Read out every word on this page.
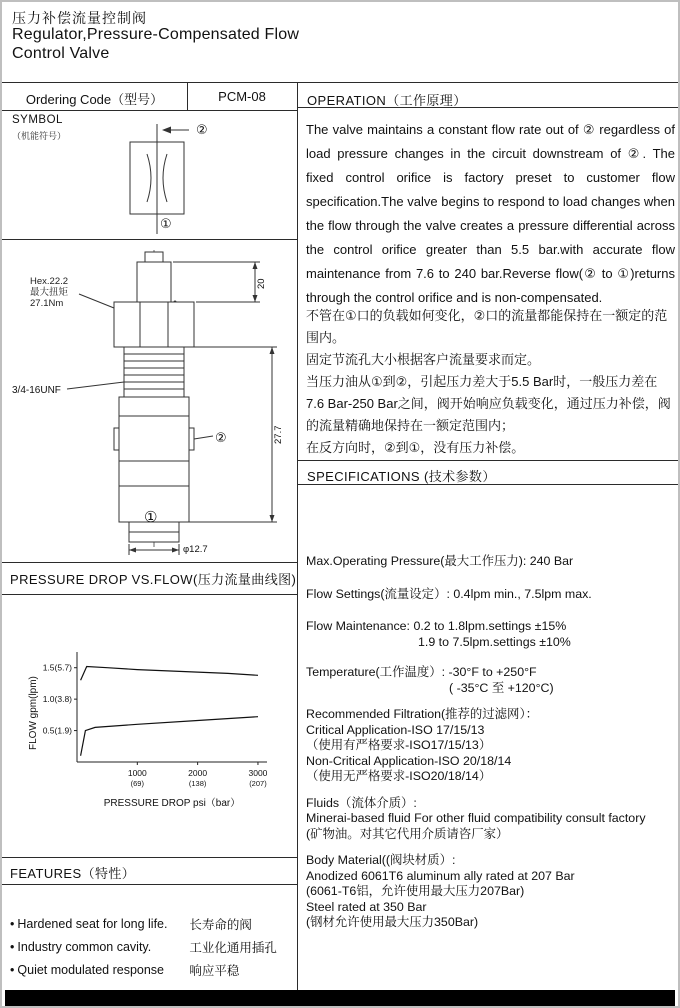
压力补偿流量控制阀
Regulator,Pressure-Compensated Flow
Control Valve
Ordering Code（型号）	PCM-08
SYMBOL
（机能符号）	②
①
Hex.22.2
最大扭矩
27.1Nm
3/4-16UNF
20
27.7
φ12.7
②
①
PRESSURE DROP VS.FLOW(压力流量曲线图)
FLOW gpm(lpm)
1.5(5.7)
1.0(3.8)
0.5(1.9)
1000
(69)
2000
(138)
3000
(207)
PRESSURE DROP psi（bar）
FEATURES（特性）
• Hardened seat for long life.	长寿命的阀
• Industry common cavity.	工业化通用插孔
• Quiet modulated response	响应平稳
OPERATION（工作原理）
The valve maintains a constant flow rate out of ② regardless of load pressure changes in the circuit downstream of ②. The fixed control orifice is factory preset to customer flow specification.The valve begins to respond to load changes when the flow through the valve creates a pressure differential across the control orifice greater than 5.5 bar.with accurate flow maintenance from 7.6 to 240 bar.Reverse flow(② to ①)returns through the control orifice and is non-compensated.
不管在①口的负载如何变化，②口的流量都能保持在一额定的范围内。
固定节流孔大小根据客户流量要求而定。
当压力油从①到②，引起压力差大于5.5 Bar时，一般压力差在7.6 Bar-250 Bar之间，阀开始响应负载变化，通过压力补偿，阀的流量精确地保持在一额定范围内；
在反方向时，②到①，没有压力补偿。
SPECIFICATIONS (技术参数）
Max.Operating Pressure(最大工作压力): 240 Bar
Flow Settings(流量设定）: 0.4lpm min., 7.5lpm max.
Flow Maintenance: 0.2 to 1.8lpm.settings ±15%
1.9 to 7.5lpm.settings ±10%
Temperature(工作温度）: -30°F to +250°F
( -35°C 至 +120°C)
Recommended Filtration(推荐的过滤网）：
Critical Application-ISO 17/15/13
（使用有严格要求-ISO17/15/13）
Non-Critical Application-ISO 20/18/14
（使用无严格要求-ISO20/18/14）
Fluids（流体介质）:
Minerai-based fluid For other fluid compatibility consult factory
(矿物油。对其它代用介质请咨厂家）
Body Material((阀块材质）:
Anodized 6061T6 aluminum ally rated at 207 Bar
(6061-T6铝，允许使用最大压力207Bar)
Steel rated at 350 Bar
(钢材允许使用最大压力350Bar)
